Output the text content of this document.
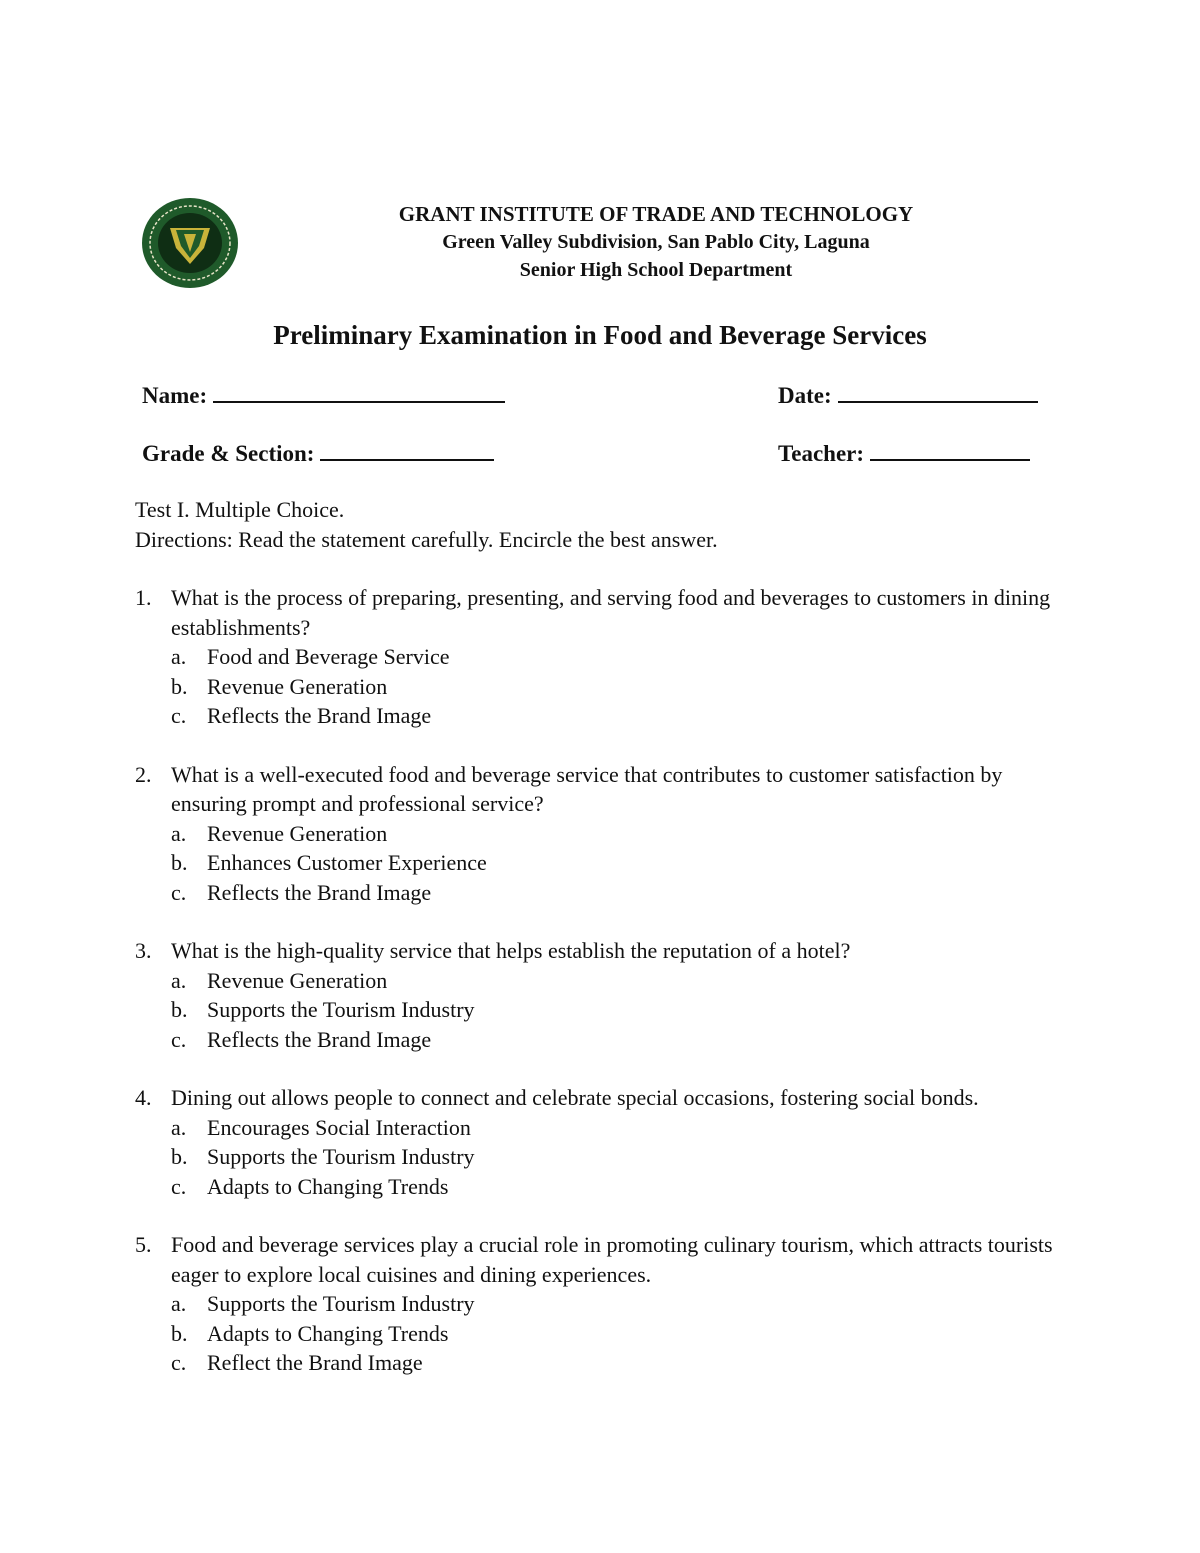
GRANT INSTITUTE OF TRADE AND TECHNOLOGY
Green Valley Subdivision, San Pablo City, Laguna
Senior High School Department
Preliminary Examination in Food and Beverage Services
Name:	Date:
Grade & Section:	Teacher:
Test I. Multiple Choice.
Directions: Read the statement carefully. Encircle the best answer.
1. What is the process of preparing, presenting, and serving food and beverages to customers in dining establishments?
a. Food and Beverage Service
b. Revenue Generation
c. Reflects the Brand Image
2. What is a well-executed food and beverage service that contributes to customer satisfaction by ensuring prompt and professional service?
a. Revenue Generation
b. Enhances Customer Experience
c. Reflects the Brand Image
3. What is the high-quality service that helps establish the reputation of a hotel?
a. Revenue Generation
b. Supports the Tourism Industry
c. Reflects the Brand Image
4. Dining out allows people to connect and celebrate special occasions, fostering social bonds.
a. Encourages Social Interaction
b. Supports the Tourism Industry
c. Adapts to Changing Trends
5. Food and beverage services play a crucial role in promoting culinary tourism, which attracts tourists eager to explore local cuisines and dining experiences.
a. Supports the Tourism Industry
b. Adapts to Changing Trends
c. Reflect the Brand Image
